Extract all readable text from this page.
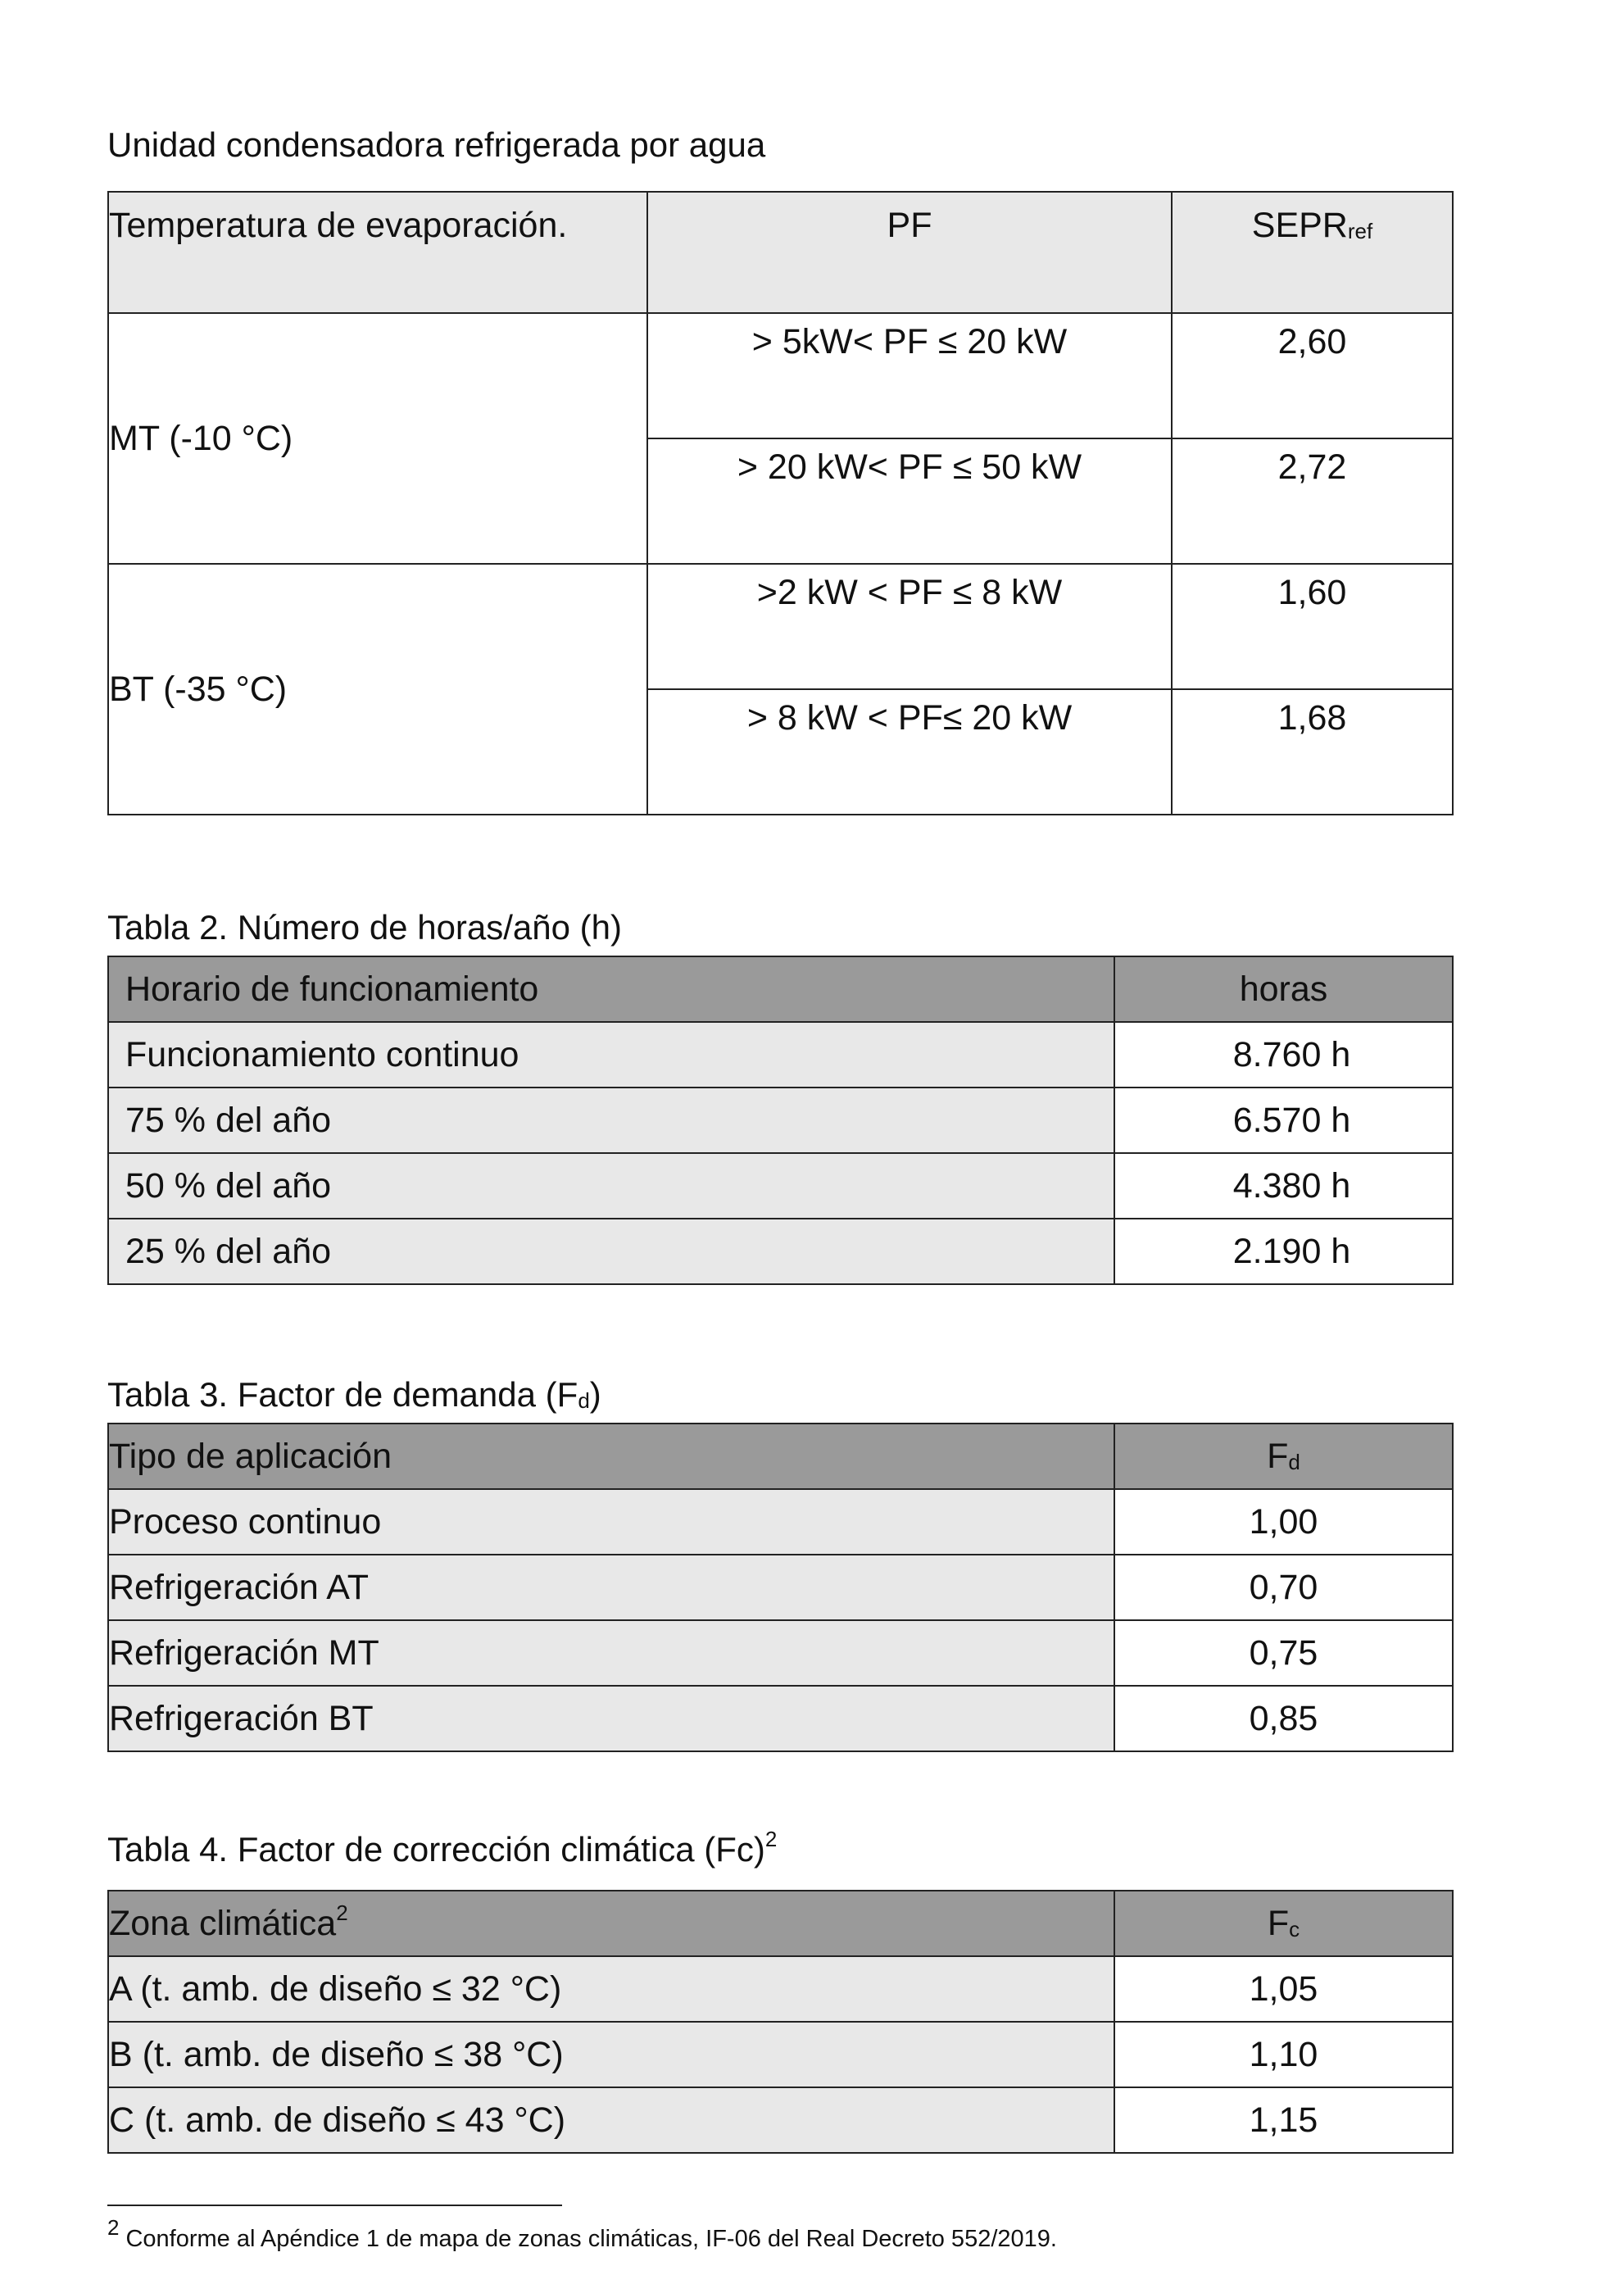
Unidad condensadora refrigerada por agua

Temperatura de evaporación.	PF	SEPRref
MT (-10 °C)	> 5kW< PF ≤ 20 kW	2,60
	> 20 kW< PF ≤ 50 kW	2,72
BT (-35 °C)	>2 kW < PF ≤ 8 kW	1,60
	> 8 kW < PF≤ 20 kW	1,68

Tabla 2. Número de horas/año (h)

Horario de funcionamiento	horas
Funcionamiento continuo	8.760 h
75 % del año	6.570 h
50 % del año	4.380 h
25 % del año	2.190 h

Tabla 3. Factor de demanda (Fd)

Tipo de aplicación	Fd
Proceso continuo	1,00
Refrigeración AT	0,70
Refrigeración MT	0,75
Refrigeración BT	0,85

Tabla 4. Factor de corrección climática $(Fc)^2$

Zona climática$^2$	Fc
A (t. amb. de diseño ≤ 32 °C)	1,05
B (t. amb. de diseño ≤ 38 °C)	1,10
C (t. amb. de diseño ≤ 43 °C)	1,15
2 Conforme al Apéndice 1 de mapa de zonas climáticas, IF-06 del Real Decreto 552/2019.
